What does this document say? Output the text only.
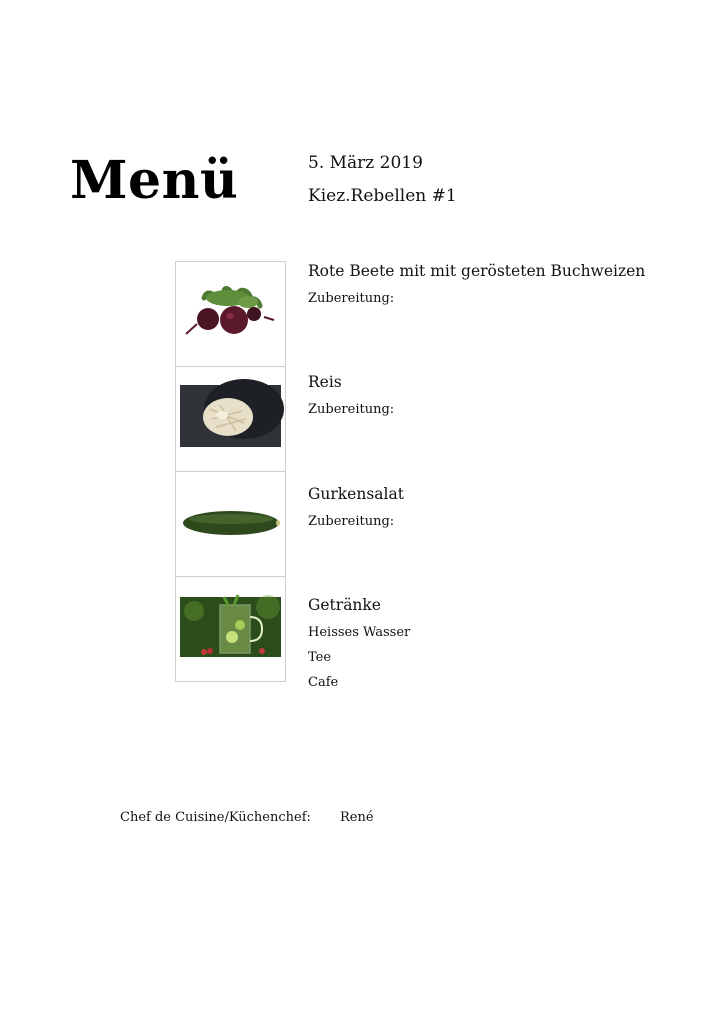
Menü	5. März 2019
Kiez.Rebellen #1
Rote Beete mit mit gerösteten Buchweizen
Zubereitung:
Reis
Zubereitung:
Gurkensalat
Zubereitung:
Getränke
Heisses Wasser
Tee
Cafe
Chef de Cuisine/Küchenchef: René
